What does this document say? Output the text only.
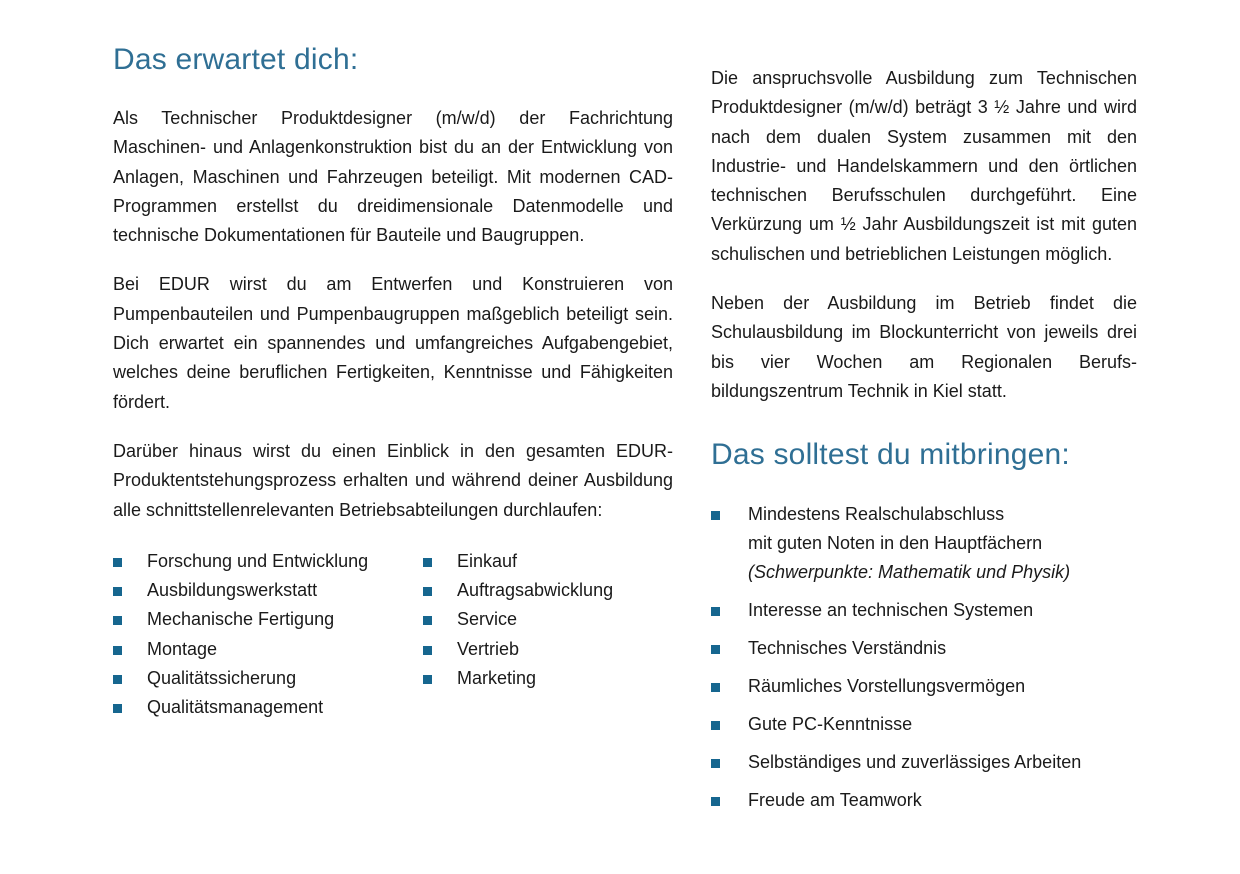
Das erwartet dich:

Als Technischer Produktdesigner (m/w/d) der Fachrichtung Maschinen- und Anlagenkonstruktion bist du an der Entwicklung von Anlagen, Maschinen und Fahrzeugen beteiligt. Mit modernen CAD-Programmen erstellst du dreidimensionale Datenmodelle und technische Dokumentationen für Bauteile und Baugruppen.

Bei EDUR wirst du am Entwerfen und Konstruieren von Pumpenbauteilen und Pumpenbaugruppen maßgeblich beteiligt sein. Dich erwartet ein spannendes und umfangreiches Aufgabengebiet, welches deine beruflichen Fertigkeiten, Kenntnisse und Fähigkeiten fördert.

Darüber hinaus wirst du einen Einblick in den gesamten EDUR-Produktentstehungsprozess erhalten und während deiner Ausbildung alle schnittstellenrelevanten Betriebsabteilungen durchlaufen:

Forschung und Entwicklung
Ausbildungswerkstatt
Mechanische Fertigung
Montage
Qualitätssicherung
Qualitätsmanagement
Einkauf
Auftragsabwicklung
Service
Vertrieb
Marketing

Die anspruchsvolle Ausbildung zum Technischen Produktdesigner (m/w/d) beträgt 3 ½ Jahre und wird nach dem dualen System zusammen mit den Industrie- und Handelskammern und den örtlichen technischen Berufsschulen durchgeführt. Eine Verkürzung um ½ Jahr Ausbildungszeit ist mit guten schulischen und betrieblichen Leistungen möglich.

Neben der Ausbildung im Betrieb findet die Schulausbildung im Blockunterricht von jeweils drei bis vier Wochen am Regionalen Berufsbildungszentrum Technik in Kiel statt.

Das solltest du mitbringen:
Mindestens Realschulabschluss
mit guten Noten in den Hauptfächern
(Schwerpunkte: Mathematik und Physik)
Interesse an technischen Systemen
Technisches Verständnis
Räumliches Vorstellungsvermögen
Gute PC-Kenntnisse
Selbständiges und zuverlässiges Arbeiten
Freude am Teamwork
